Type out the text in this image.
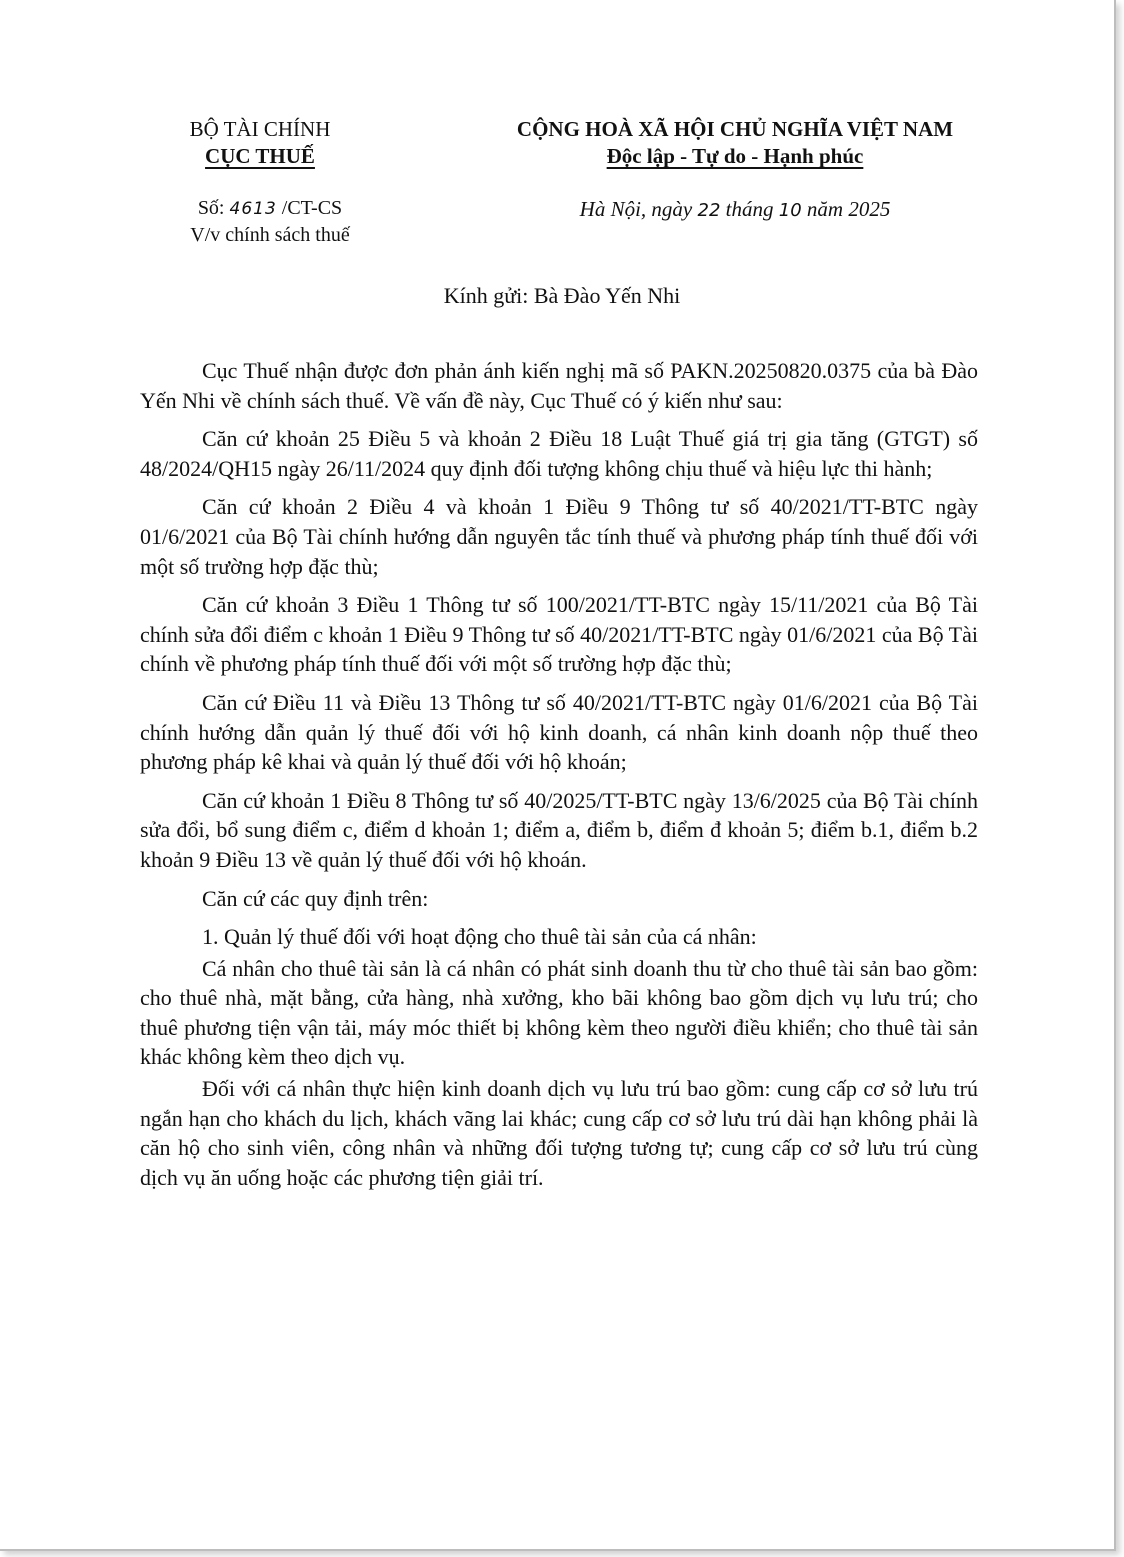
BỘ TÀI CHÍNH
CỤC THUẾ
CỘNG HOÀ XÃ HỘI CHỦ NGHĨA VIỆT NAM
Độc lập - Tự do - Hạnh phúc
Số: 4613 /CT-CS
V/v chính sách thuế
Hà Nội, ngày 22 tháng 10 năm 2025
Kính gửi: Bà Đào Yến Nhi

Cục Thuế nhận được đơn phản ánh kiến nghị mã số PAKN.20250820.0375 của bà Đào Yến Nhi về chính sách thuế. Về vấn đề này, Cục Thuế có ý kiến như sau:

Căn cứ khoản 25 Điều 5 và khoản 2 Điều 18 Luật Thuế giá trị gia tăng (GTGT) số 48/2024/QH15 ngày 26/11/2024 quy định đối tượng không chịu thuế và hiệu lực thi hành;

Căn cứ khoản 2 Điều 4 và khoản 1 Điều 9 Thông tư số 40/2021/TT-BTC ngày 01/6/2021 của Bộ Tài chính hướng dẫn nguyên tắc tính thuế và phương pháp tính thuế đối với một số trường hợp đặc thù;

Căn cứ khoản 3 Điều 1 Thông tư số 100/2021/TT-BTC ngày 15/11/2021 của Bộ Tài chính sửa đổi điểm c khoản 1 Điều 9 Thông tư số 40/2021/TT-BTC ngày 01/6/2021 của Bộ Tài chính về phương pháp tính thuế đối với một số trường hợp đặc thù;

Căn cứ Điều 11 và Điều 13 Thông tư số 40/2021/TT-BTC ngày 01/6/2021 của Bộ Tài chính hướng dẫn quản lý thuế đối với hộ kinh doanh, cá nhân kinh doanh nộp thuế theo phương pháp kê khai và quản lý thuế đối với hộ khoán;

Căn cứ khoản 1 Điều 8 Thông tư số 40/2025/TT-BTC ngày 13/6/2025 của Bộ Tài chính sửa đổi, bổ sung điểm c, điểm d khoản 1; điểm a, điểm b, điểm đ khoản 5; điểm b.1, điểm b.2 khoản 9 Điều 13 về quản lý thuế đối với hộ khoán.

Căn cứ các quy định trên:

1. Quản lý thuế đối với hoạt động cho thuê tài sản của cá nhân:

Cá nhân cho thuê tài sản là cá nhân có phát sinh doanh thu từ cho thuê tài sản bao gồm: cho thuê nhà, mặt bằng, cửa hàng, nhà xưởng, kho bãi không bao gồm dịch vụ lưu trú; cho thuê phương tiện vận tải, máy móc thiết bị không kèm theo người điều khiển; cho thuê tài sản khác không kèm theo dịch vụ.

Đối với cá nhân thực hiện kinh doanh dịch vụ lưu trú bao gồm: cung cấp cơ sở lưu trú ngắn hạn cho khách du lịch, khách vãng lai khác; cung cấp cơ sở lưu trú dài hạn không phải là căn hộ cho sinh viên, công nhân và những đối tượng tương tự; cung cấp cơ sở lưu trú cùng dịch vụ ăn uống hoặc các phương tiện giải trí.
